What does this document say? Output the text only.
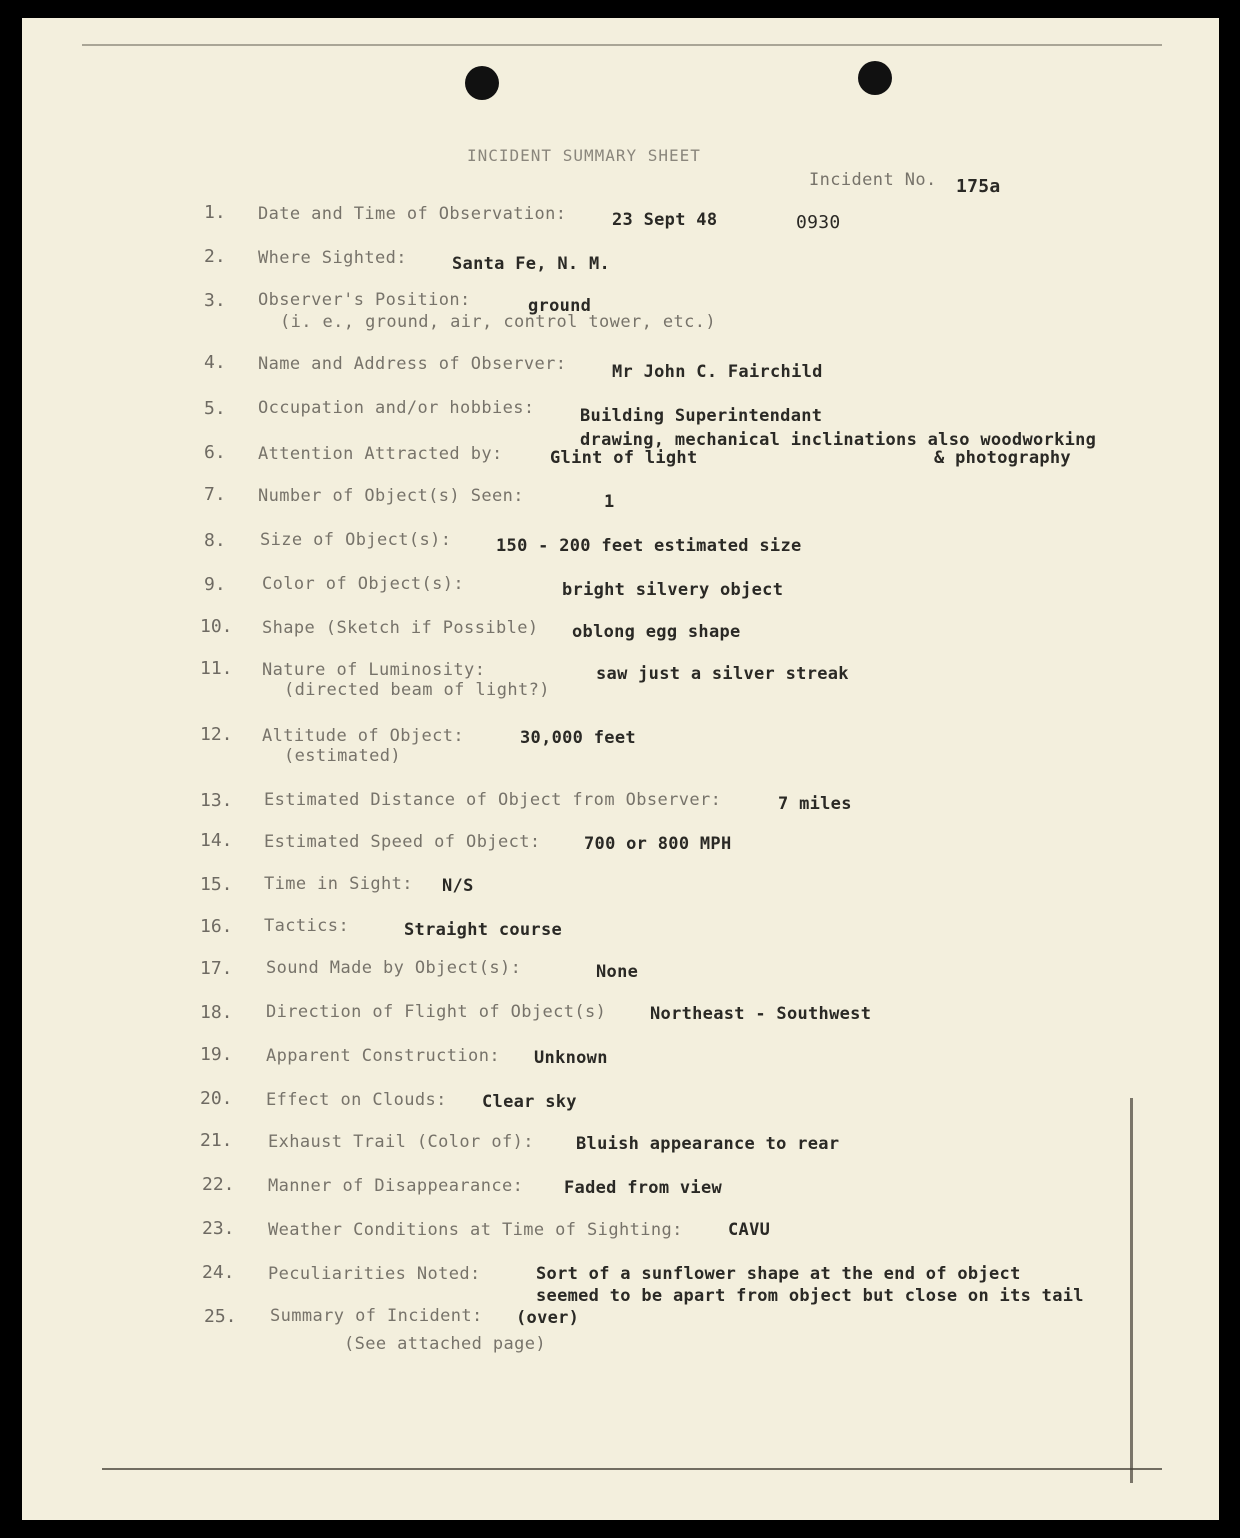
INCIDENT SUMMARY SHEET
Incident No. 175a
1. Date and Time of Observation:	23 Sept 48	0930
2. Where Sighted:	Santa Fe, N. M.
3. Observer's Position:
(i. e., ground, air, control tower, etc.)
ground
4. Name and Address of Observer:	Mr John C. Fairchild
5. Occupation and/or hobbies:	Building Superintendant
drawing, mechanical inclinations also woodworking
& photography
6. Attention Attracted by:	Glint of light
7. Number of Object(s) Seen:	1
8. Size of Object(s):	150 - 200 feet estimated size
9. Color of Object(s):	bright silvery object
10. Shape (Sketch if Possible) oblong egg shape
11. Nature of Luminosity:
(directed beam of light?)
saw just a silver streak
12. Altitude of Object:
(estimated)
30,000 feet
13. Estimated Distance of Object from Observer:	7 miles
14. Estimated Speed of Object:	700 or 800 MPH
15. Time in Sight: N/S
16. Tactics:	Straight course
17. Sound Made by Object(s):	None
18. Direction of Flight of Object(s)	Northeast - Southwest
19. Apparent Construction: Unknown
20. Effect on Clouds: Clear sky
21. Exhaust Trail (Color of): Bluish appearance to rear
22. Manner of Disappearance: Faded from view
23. Weather Conditions at Time of Sighting:	CAVU
24. Peculiarities Noted:	Sort of a sunflower shape at the end of object
seemed to be apart from object but close on its tail
25. Summary of Incident:
(See attached page)
(over)
